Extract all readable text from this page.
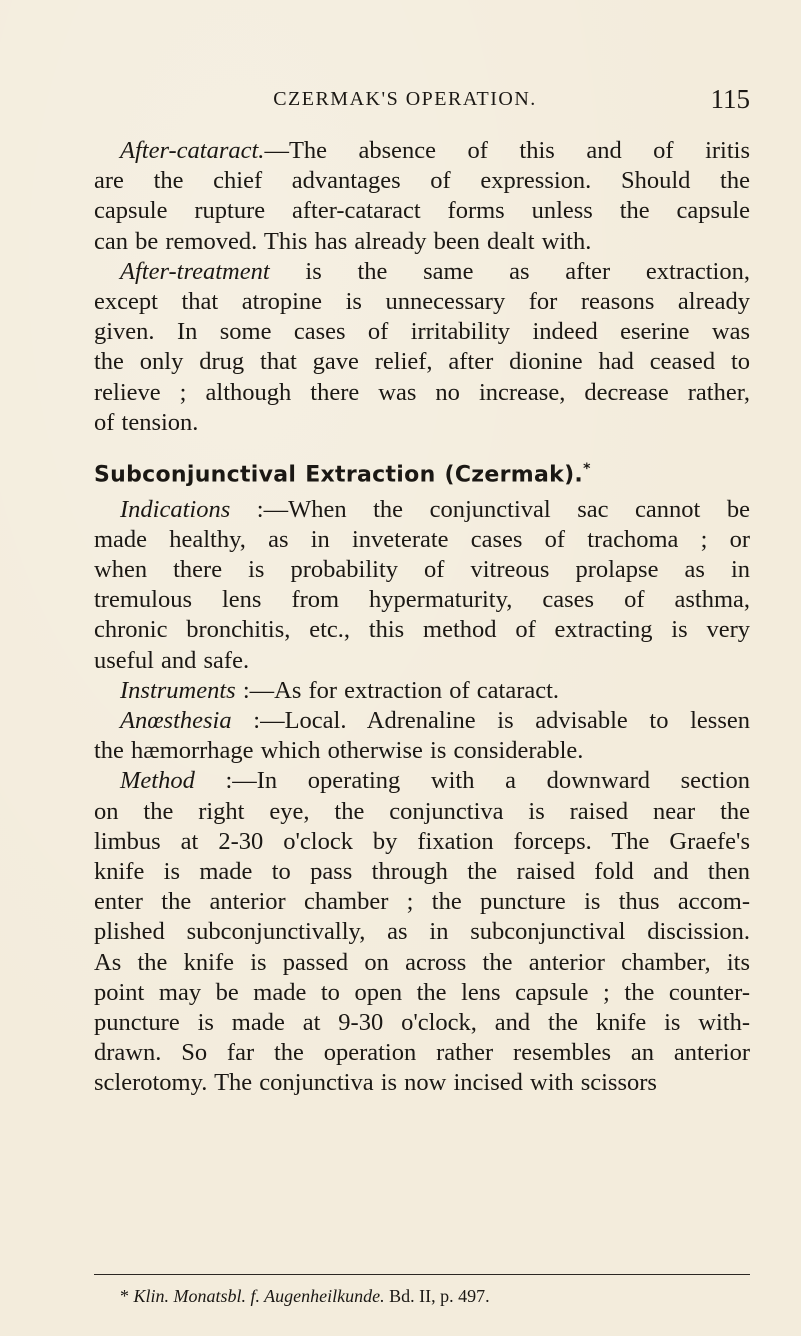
CZERMAK'S OPERATION.	115
After-cataract.—The absence of this and of iritis
are the chief advantages of expression. Should the
capsule rupture after-cataract forms unless the capsule
can be removed. This has already been dealt with.
After-treatment is the same as after extraction,
except that atropine is unnecessary for reasons already
given. In some cases of irritability indeed eserine was
the only drug that gave relief, after dionine had ceased to
relieve ; although there was no increase, decrease rather,
of tension.
Subconjunctival Extraction (Czermak).*
Indications :—When the conjunctival sac cannot be
made healthy, as in inveterate cases of trachoma ; or
when there is probability of vitreous prolapse as in
tremulous lens from hypermaturity, cases of asthma,
chronic bronchitis, etc., this method of extracting is very
useful and safe.
Instruments :—As for extraction of cataract.
Anœsthesia :—Local. Adrenaline is advisable to lessen
the hæmorrhage which otherwise is considerable.
Method :—In operating with a downward section
on the right eye, the conjunctiva is raised near the
limbus at 2-30 o'clock by fixation forceps. The Graefe's
knife is made to pass through the raised fold and then
enter the anterior chamber ; the puncture is thus accom-
plished subconjunctivally, as in subconjunctival discission.
As the knife is passed on across the anterior chamber, its
point may be made to open the lens capsule ; the counter-
puncture is made at 9-30 o'clock, and the knife is with-
drawn. So far the operation rather resembles an anterior
sclerotomy. The conjunctiva is now incised with scissors
* Klin. Monatsbl. f. Augenheilkunde. Bd. II, p. 497.
